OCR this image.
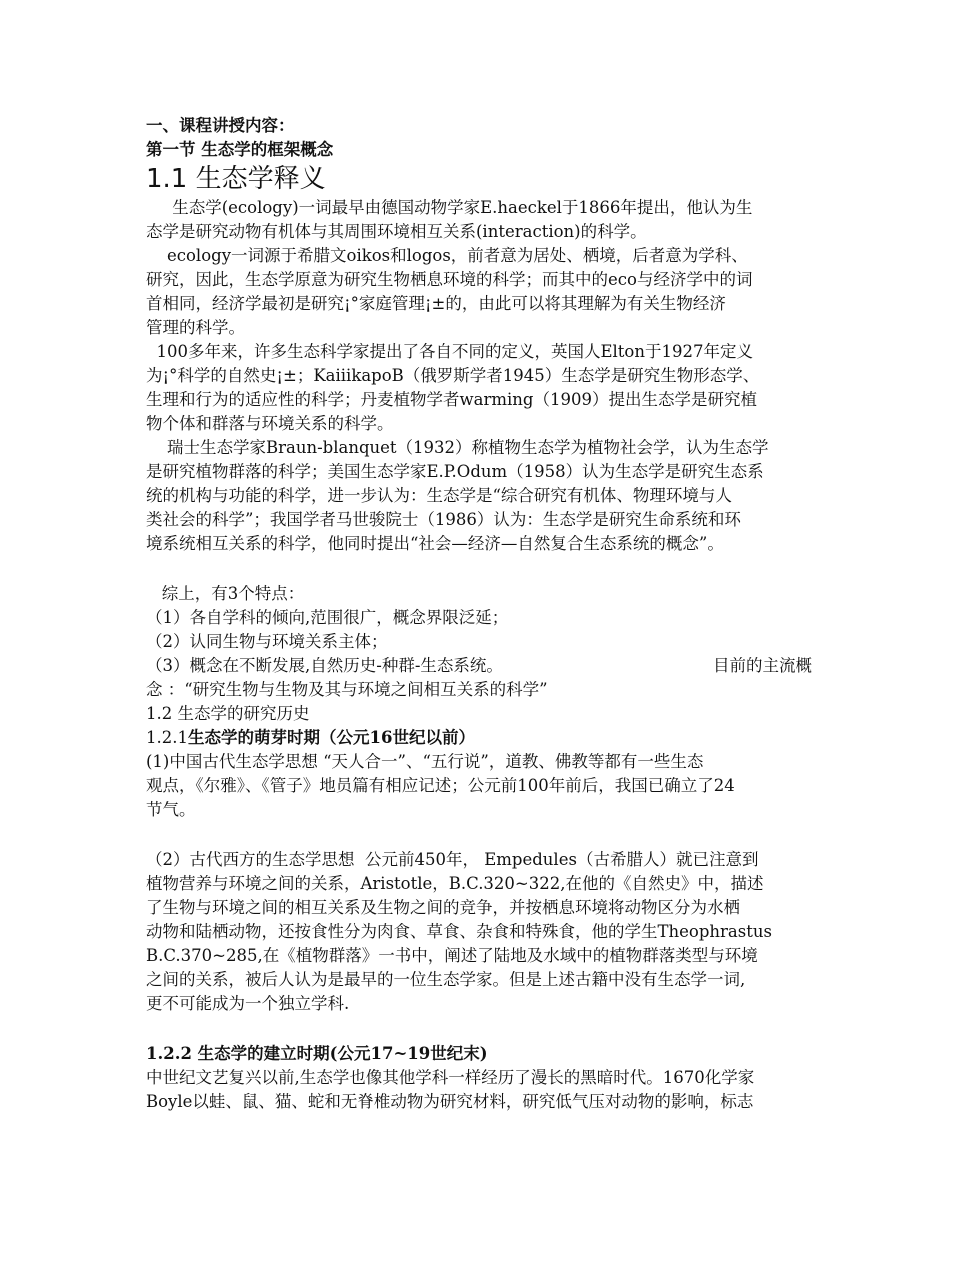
一、课程讲授内容：
第一节 生态学的框架概念
1.1 生态学释义
生态学(ecology)一词最早由德国动物学家E.haeckel于1866年提出，他认为生
态学是研究动物有机体与其周围环境相互关系(interaction)的科学。
ecology一词源于希腊文oikos和logos，前者意为居处、栖境，后者意为学科、
研究，因此，生态学原意为研究生物栖息环境的科学；而其中的eco与经济学中的词
首相同，经济学最初是研究¡°家庭管理¡±的，由此可以将其理解为有关生物经济
管理的科学。
100多年来，许多生态科学家提出了各自不同的定义，英国人Elton于1927年定义
为¡°科学的自然史¡±；KaiiikapoB（俄罗斯学者1945）生态学是研究生物形态学、
生理和行为的适应性的科学；丹麦植物学者warming（1909）提出生态学是研究植
物个体和群落与环境关系的科学。
瑞士生态学家Braun-blanquet（1932）称植物生态学为植物社会学，认为生态学
是研究植物群落的科学；美国生态学家E.P.Odum（1958）认为生态学是研究生态系
统的机构与功能的科学，进一步认为：生态学是“综合研究有机体、物理环境与人
类社会的科学”；我国学者马世骏院士（1986）认为：生态学是研究生命系统和环
境系统相互关系的科学，他同时提出“社会—经济—自然复合生态系统的概念”。
综上，有3个特点：
（1）各自学科的倾向,范围很广，概念界限泛延；
（2）认同生物与环境关系主体；
（3）概念在不断发展,自然历史-种群-生态系统。	目前的主流概
念 ：“研究生物与生物及其与环境之间相互关系的科学”
1.2 生态学的研究历史
1.2.1生态学的萌芽时期（公元16世纪以前）
(1)中国古代生态学思想 “天人合一”、“五行说”，道教、佛教等都有一些生态
观点，《尔雅》、《管子》地员篇有相应记述；公元前100年前后，我国已确立了24
节气。
（2）古代西方的生态学思想  公元前450年， Empedules（古希腊人）就已注意到
植物营养与环境之间的关系，Aristotle，B.C.320~322,在他的《自然史》中，描述
了生物与环境之间的相互关系及生物之间的竞争，并按栖息环境将动物区分为水栖
动物和陆栖动物，还按食性分为肉食、草食、杂食和特殊食，他的学生Theophrastus
B.C.370~285,在《植物群落》一书中，阐述了陆地及水域中的植物群落类型与环境
之间的关系，被后人认为是最早的一位生态学家。但是上述古籍中没有生态学一词,
更不可能成为一个独立学科.
1.2.2 生态学的建立时期(公元17~19世纪末)
中世纪文艺复兴以前,生态学也像其他学科一样经历了漫长的黑暗时代。1670化学家
Boyle以蛙、鼠、猫、蛇和无脊椎动物为研究材料，研究低气压对动物的影响，标志
